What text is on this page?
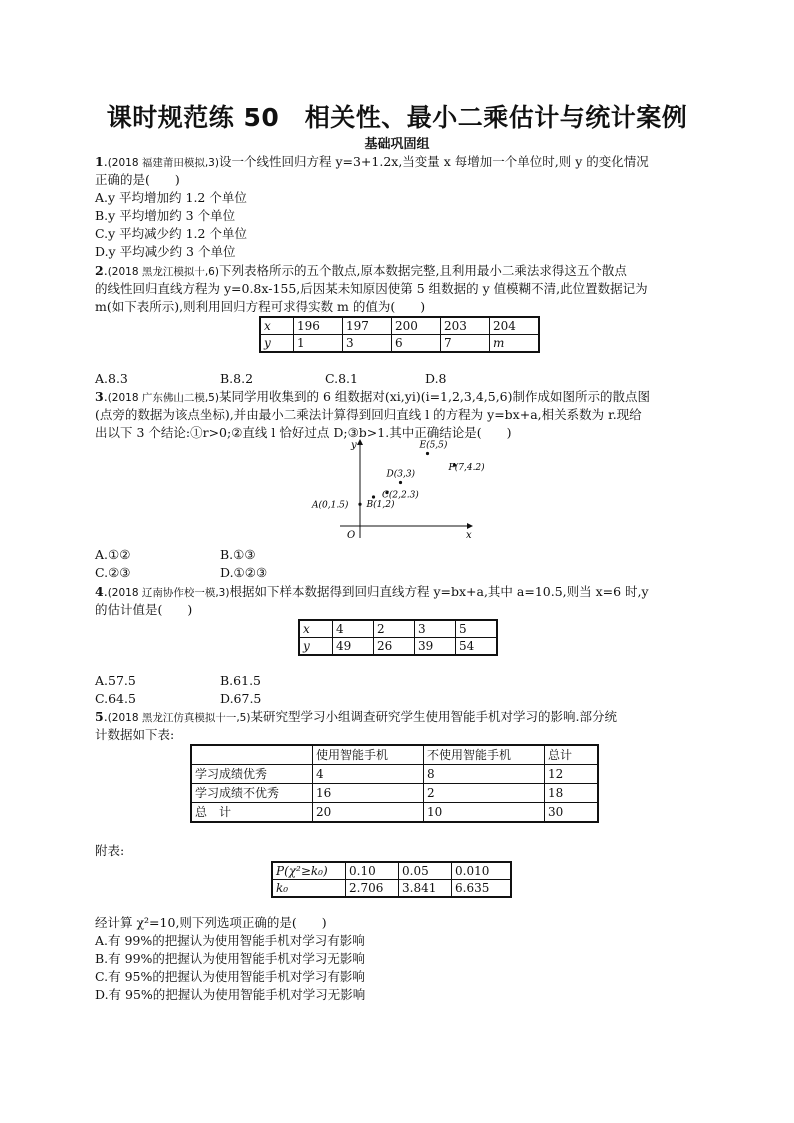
课时规范练 50　相关性、最小二乘估计与统计案例
基础巩固组
1.(2018 福建莆田模拟,3)设一个线性回归方程 y=3+1.2x,当变量 x 每增加一个单位时,则 y 的变化情况
正确的是(　　)
A.y 平均增加约 1.2 个单位
B.y 平均增加约 3 个单位
C.y 平均减少约 1.2 个单位
D.y 平均减少约 3 个单位
2.(2018 黑龙江模拟十,6)下列表格所示的五个散点,原本数据完整,且利用最小二乘法求得这五个散点
的线性回归直线方程为 y=0.8x-155,后因某未知原因使第 5 组数据的 y 值模糊不清,此位置数据记为
m(如下表所示),则利用回归方程可求得实数 m 的值为(　　)
x	196	197	200	203	204
y	1	3	6	7	m
A.8.3	B.8.2	C.8.1	D.8
3.(2018 广东佛山二模,5)某同学用收集到的 6 组数据对(xi,yi)(i=1,2,3,4,5,6)制作成如图所示的散点图
(点旁的数据为该点坐标),并由最小二乘法计算得到回归直线 l 的方程为 y=bx+a,相关系数为 r.现给
出以下 3 个结论:①r>0;②直线 l 恰好过点 D;③b>1.其中正确结论是(　　)
x
y
O
A(0,1.5) B(1,2)
C(2,2.3)
D(3,3)
E(5,5)
F(7,4.2)
A.①②	B.①③
C.②③	D.①②③
4.(2018 辽南协作校一模,3)根据如下样本数据得到回归直线方程 y=bx+a,其中 a=10.5,则当 x=6 时,y
的估计值是(　　)
x	4	2	3	5
y	49	26	39	54
A.57.5	B.61.5
C.64.5	D.67.5
5.(2018 黑龙江仿真模拟十一,5)某研究型学习小组调查研究学生使用智能手机对学习的影响.部分统
计数据如下表:
	使用智能手机	不使用智能手机	总计
学习成绩优秀	4	8	12
学习成绩不优秀	16	2	18
总　计	20	10	30
附表:
P(χ²≥k₀)	0.10	0.05	0.010
k₀	2.706	3.841	6.635
经计算 χ²=10,则下列选项正确的是(　　)
A.有 99%的把握认为使用智能手机对学习有影响
B.有 99%的把握认为使用智能手机对学习无影响
C.有 95%的把握认为使用智能手机对学习有影响
D.有 95%的把握认为使用智能手机对学习无影响
